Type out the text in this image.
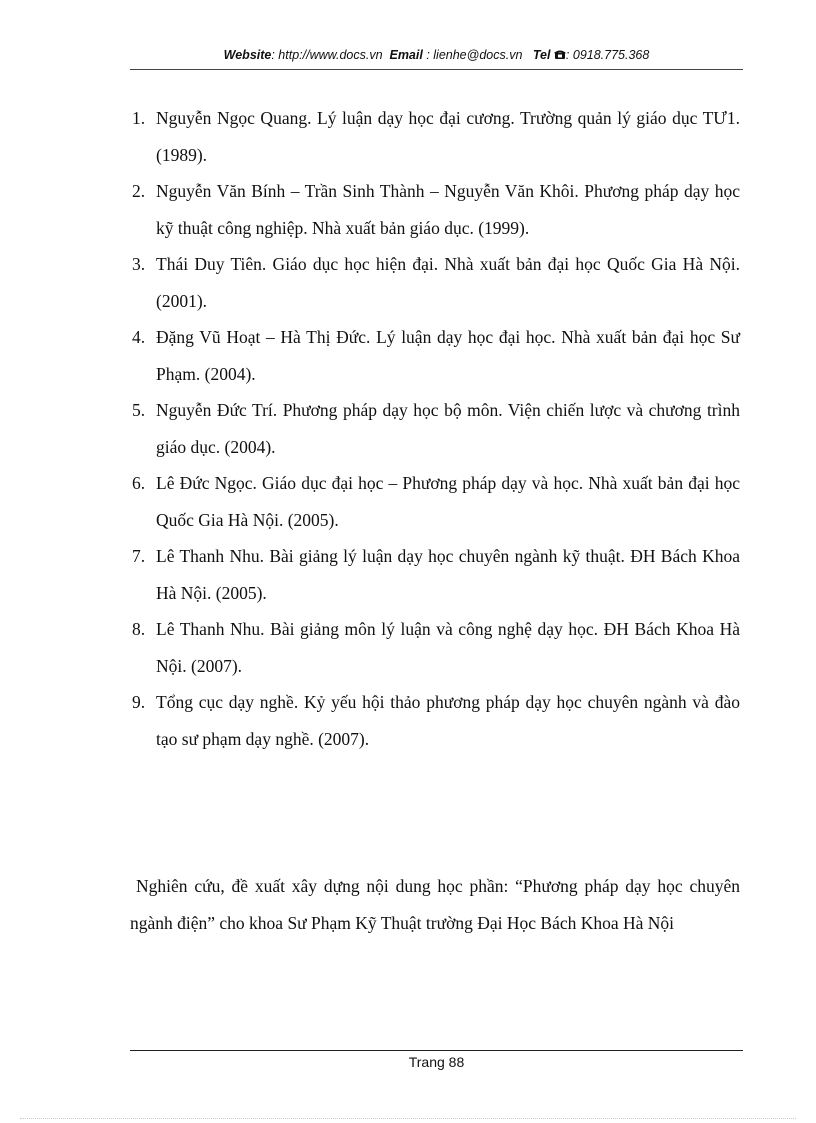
Website: http://www.docs.vn Email : lienhe@docs.vn Tel : 0918.775.368
1. Nguyễn Ngọc Quang. Lý luận dạy học đại cương. Trường quản lý giáo dục TƯ1. (1989).
2. Nguyễn Văn Bính – Trần Sinh Thành – Nguyễn Văn Khôi. Phương pháp dạy học kỹ thuật công nghiệp. Nhà xuất bản giáo dục. (1999).
3. Thái Duy Tiên. Giáo dục học hiện đại. Nhà xuất bản đại học Quốc Gia Hà Nội. (2001).
4. Đặng Vũ Hoạt – Hà Thị Đức. Lý luận dạy học đại học. Nhà xuất bản đại học Sư Phạm. (2004).
5. Nguyễn Đức Trí. Phương pháp dạy học bộ môn. Viện chiến lược và chương trình giáo dục. (2004).
6. Lê Đức Ngọc. Giáo dục đại học – Phương pháp dạy và học. Nhà xuất bản đại học Quốc Gia Hà Nội. (2005).
7. Lê Thanh Nhu. Bài giảng lý luận dạy học chuyên ngành kỹ thuật. ĐH Bách Khoa Hà Nội. (2005).
8. Lê Thanh Nhu. Bài giảng môn lý luận và công nghệ dạy học. ĐH Bách Khoa Hà Nội. (2007).
9. Tổng cục dạy nghề. Kỷ yếu hội thảo phương pháp dạy học chuyên ngành và đào tạo sư phạm dạy nghề. (2007).
Nghiên cứu, đề xuất xây dựng nội dung học phần: “Phương pháp dạy học chuyên ngành điện” cho khoa Sư Phạm Kỹ Thuật trường Đại Học Bách Khoa Hà Nội
Trang 88
